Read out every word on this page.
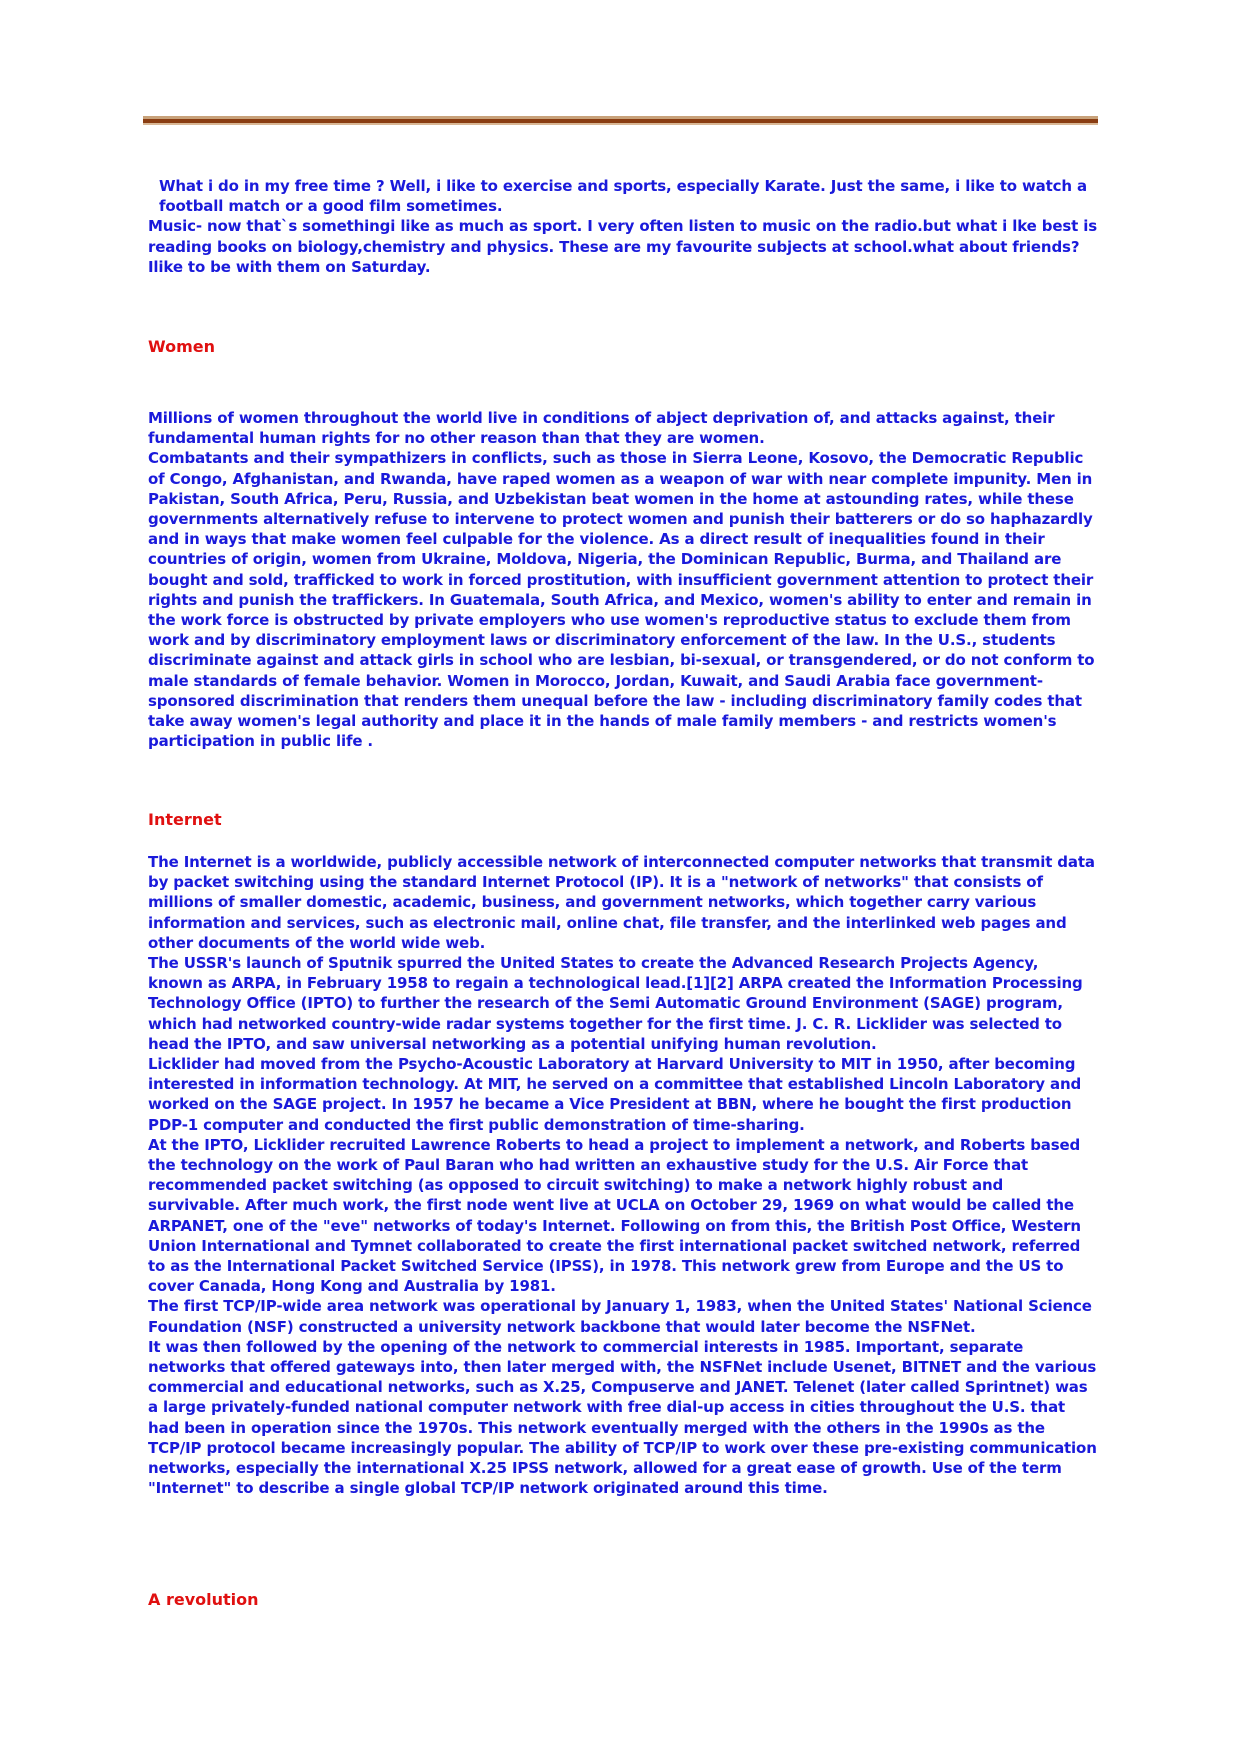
What i do in my free time ? Well, i like to exercise and sports, especially Karate. Just the same, i like to watch a football match or a good film sometimes.

Music- now that`s somethingi like as much as sport. I very often listen to music on the radio.but what i lke best is reading books on biology,chemistry and physics. These are my favourite subjects at school.what about friends? Ilike to be with them on Saturday.

Women

Millions of women throughout the world live in conditions of abject deprivation of, and attacks against, their fundamental human rights for no other reason than that they are women.

Combatants and their sympathizers in conflicts, such as those in Sierra Leone, Kosovo, the Democratic Republic of Congo, Afghanistan, and Rwanda, have raped women as a weapon of war with near complete impunity. Men in Pakistan, South Africa, Peru, Russia, and Uzbekistan beat women in the home at astounding rates, while these governments alternatively refuse to intervene to protect women and punish their batterers or do so haphazardly and in ways that make women feel culpable for the violence. As a direct result of inequalities found in their countries of origin, women from Ukraine, Moldova, Nigeria, the Dominican Republic, Burma, and Thailand are bought and sold, trafficked to work in forced prostitution, with insufficient government attention to protect their rights and punish the traffickers. In Guatemala, South Africa, and Mexico, women's ability to enter and remain in the work force is obstructed by private employers who use women's reproductive status to exclude them from work and by discriminatory employment laws or discriminatory enforcement of the law. In the U.S., students discriminate against and attack girls in school who are lesbian, bi-sexual, or transgendered, or do not conform to male standards of female behavior. Women in Morocco, Jordan, Kuwait, and Saudi Arabia face government-sponsored discrimination that renders them unequal before the law - including discriminatory family codes that take away women's legal authority and place it in the hands of male family members - and restricts women's participation in public life .

Internet

The Internet is a worldwide, publicly accessible network of interconnected computer networks that transmit data by packet switching using the standard Internet Protocol (IP). It is a "network of networks" that consists of millions of smaller domestic, academic, business, and government networks, which together carry various information and services, such as electronic mail, online chat, file transfer, and the interlinked web pages and other documents of the world wide web.

The USSR's launch of Sputnik spurred the United States to create the Advanced Research Projects Agency, known as ARPA, in February 1958 to regain a technological lead.[1][2] ARPA created the Information Processing Technology Office (IPTO) to further the research of the Semi Automatic Ground Environment (SAGE) program, which had networked country-wide radar systems together for the first time. J. C. R. Licklider was selected to head the IPTO, and saw universal networking as a potential unifying human revolution.

Licklider had moved from the Psycho-Acoustic Laboratory at Harvard University to MIT in 1950, after becoming interested in information technology. At MIT, he served on a committee that established Lincoln Laboratory and worked on the SAGE project. In 1957 he became a Vice President at BBN, where he bought the first production PDP-1 computer and conducted the first public demonstration of time-sharing.

At the IPTO, Licklider recruited Lawrence Roberts to head a project to implement a network, and Roberts based the technology on the work of Paul Baran who had written an exhaustive study for the U.S. Air Force that recommended packet switching (as opposed to circuit switching) to make a network highly robust and survivable. After much work, the first node went live at UCLA on October 29, 1969 on what would be called the ARPANET, one of the "eve" networks of today's Internet. Following on from this, the British Post Office, Western Union International and Tymnet collaborated to create the first international packet switched network, referred to as the International Packet Switched Service (IPSS), in 1978. This network grew from Europe and the US to cover Canada, Hong Kong and Australia by 1981.

The first TCP/IP-wide area network was operational by January 1, 1983, when the United States' National Science Foundation (NSF) constructed a university network backbone that would later become the NSFNet.

It was then followed by the opening of the network to commercial interests in 1985. Important, separate networks that offered gateways into, then later merged with, the NSFNet include Usenet, BITNET and the various commercial and educational networks, such as X.25, Compuserve and JANET. Telenet (later called Sprintnet) was a large privately-funded national computer network with free dial-up access in cities throughout the U.S. that had been in operation since the 1970s. This network eventually merged with the others in the 1990s as the TCP/IP protocol became increasingly popular. The ability of TCP/IP to work over these pre-existing communication networks, especially the international X.25 IPSS network, allowed for a great ease of growth. Use of the term "Internet" to describe a single global TCP/IP network originated around this time.

A revolution
